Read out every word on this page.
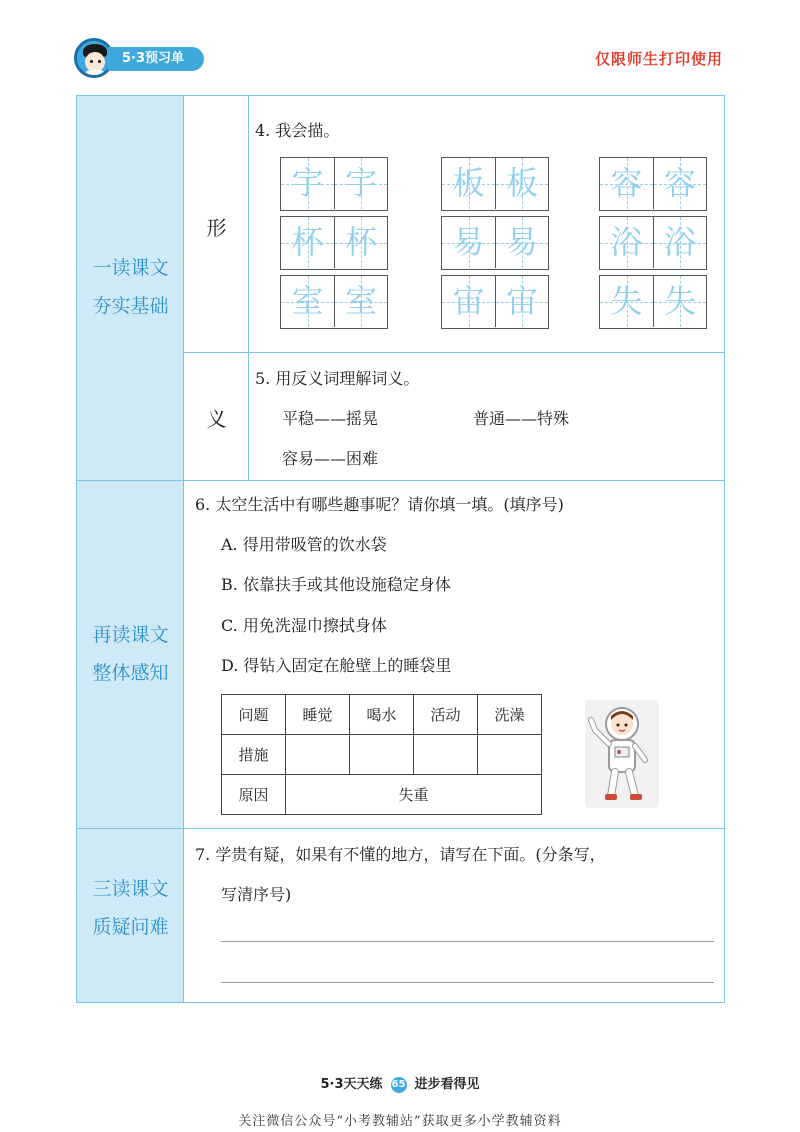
5·3预习单	仅限师生打印使用
一读课文
夯实基础
再读课文
整体感知
三读课文
质疑问难
形
义
4. 我会描。
宇 宇	板 板	容 容
杯 杯	易 易	浴 浴
室 室	宙 宙	失 失
5. 用反义词理解词义。
平稳——摇晃	普通——特殊
容易——困难
6. 太空生活中有哪些趣事呢？请你填一填。(填序号)
A. 得用带吸管的饮水袋
B. 依靠扶手或其他设施稳定身体
C. 用免洗湿巾擦拭身体
D. 得钻入固定在舱壁上的睡袋里
问题	睡觉	喝水	活动	洗澡
措施				
原因	失重			
7. 学贵有疑，如果有不懂的地方，请写在下面。(分条写，
写清序号)
5·3天天练 65 进步看得见
关注微信公众号“小考教辅站”获取更多小学教辅资料
